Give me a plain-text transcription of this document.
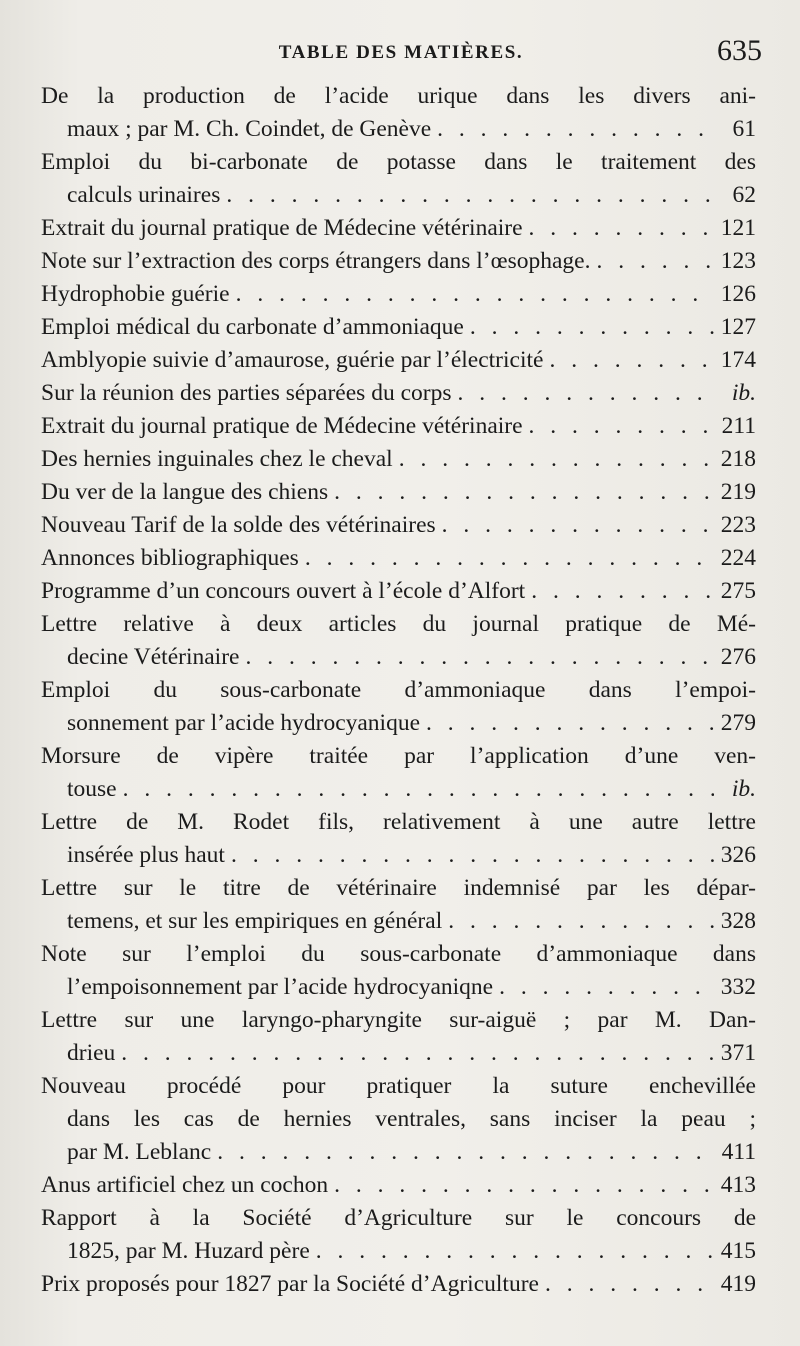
TABLE DES MATIÈRES.	635
De la production de l’acide urique dans les divers ani-
maux ; par M. Ch. Coindet, de Genève . . .	61
Emploi du bi-carbonate de potasse dans le traitement des
calculs urinaires . . .	62
Extrait du journal pratique de Médecine vétérinaire . . .	121
Note sur l’extraction des corps étrangers dans l’œsophage. . . .	123
Hydrophobie guérie . . .	126
Emploi médical du carbonate d’ammoniaque . . .	127
Amblyopie suivie d’amaurose, guérie par l’électricité . . .	174
Sur la réunion des parties séparées du corps . . .	ib.
Extrait du journal pratique de Médecine vétérinaire . . .	211
Des hernies inguinales chez le cheval . . .	218
Du ver de la langue des chiens . . .	219
Nouveau Tarif de la solde des vétérinaires . . .	223
Annonces bibliographiques . . .	224
Programme d’un concours ouvert à l’école d’Alfort . . .	275
Lettre relative à deux articles du journal pratique de Mé-
decine Vétérinaire . . .	276
Emploi du sous-carbonate d’ammoniaque dans l’empoi-
sonnement par l’acide hydrocyanique . . .	279
Morsure de vipère traitée par l’application d’une ven-
touse . . .	ib.
Lettre de M. Rodet fils, relativement à une autre lettre
insérée plus haut . . .	326
Lettre sur le titre de vétérinaire indemnisé par les dépar-
temens, et sur les empiriques en général . . .	328
Note sur l’emploi du sous-carbonate d’ammoniaque dans
l’empoisonnement par l’acide hydrocyaniqne . . .	332
Lettre sur une laryngo-pharyngite sur-aiguë ; par M. Dan-
drieu . . .	371
Nouveau procédé pour pratiquer la suture enchevillée
dans les cas de hernies ventrales, sans inciser la peau ;
par M. Leblanc . . .	411
Anus artificiel chez un cochon . . .	413
Rapport à la Société d’Agriculture sur le concours de
1825, par M. Huzard père . . .	415
Prix proposés pour 1827 par la Société d’Agriculture . . .	419
